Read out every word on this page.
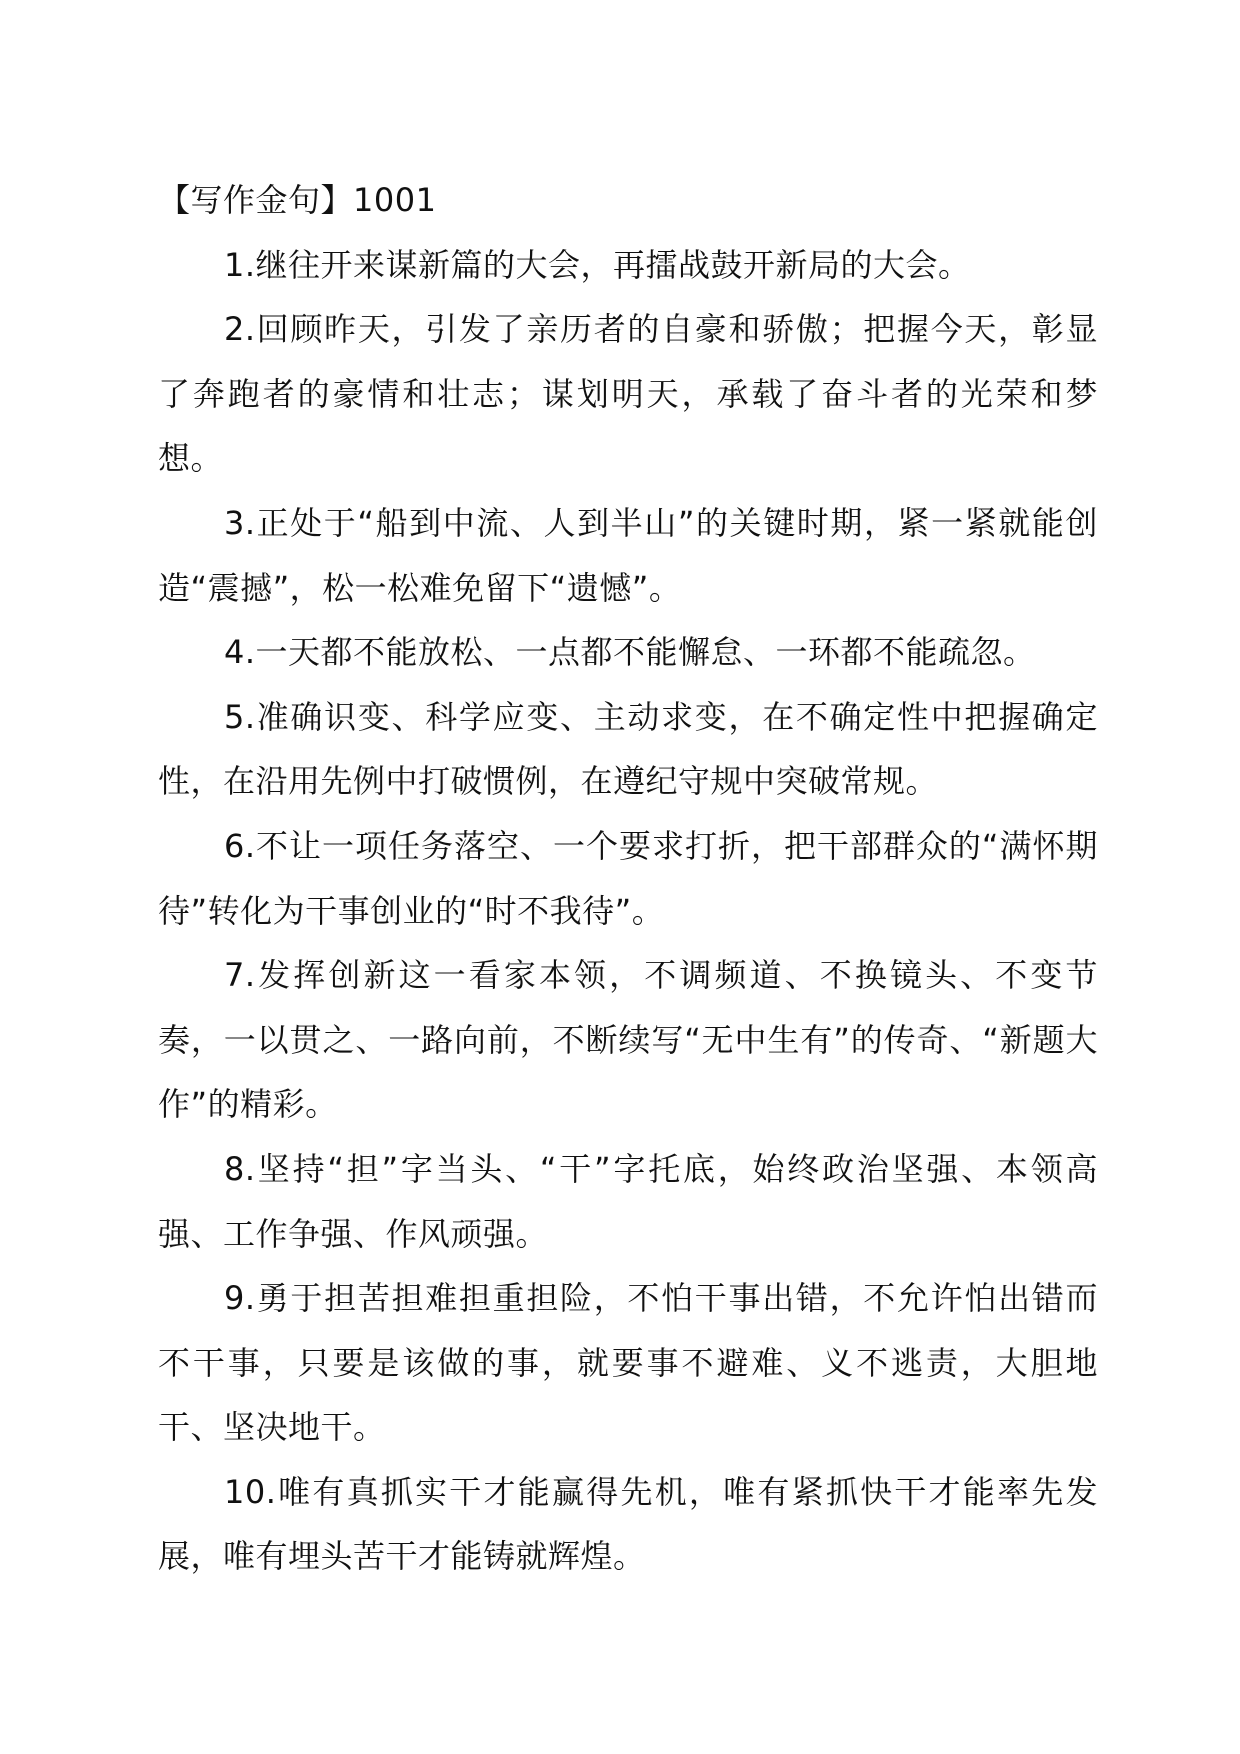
【写作金句】1001

1.继往开来谋新篇的大会，再擂战鼓开新局的大会。

2.回顾昨天，引发了亲历者的自豪和骄傲；把握今天，彰显了奔跑者的豪情和壮志；谋划明天，承载了奋斗者的光荣和梦想。

3.正处于“船到中流、人到半山”的关键时期，紧一紧就能创造“震撼”，松一松难免留下“遗憾”。

4.一天都不能放松、一点都不能懈怠、一环都不能疏忽。

5.准确识变、科学应变、主动求变，在不确定性中把握确定性，在沿用先例中打破惯例，在遵纪守规中突破常规。

6.不让一项任务落空、一个要求打折，把干部群众的“满怀期待”转化为干事创业的“时不我待”。

7.发挥创新这一看家本领，不调频道、不换镜头、不变节奏，一以贯之、一路向前，不断续写“无中生有”的传奇、“新题大作”的精彩。

8.坚持“担”字当头、“干”字托底，始终政治坚强、本领高强、工作争强、作风顽强。

9.勇于担苦担难担重担险，不怕干事出错，不允许怕出错而不干事，只要是该做的事，就要事不避难、义不逃责，大胆地干、坚决地干。

10.唯有真抓实干才能赢得先机，唯有紧抓快干才能率先发展，唯有埋头苦干才能铸就辉煌。
